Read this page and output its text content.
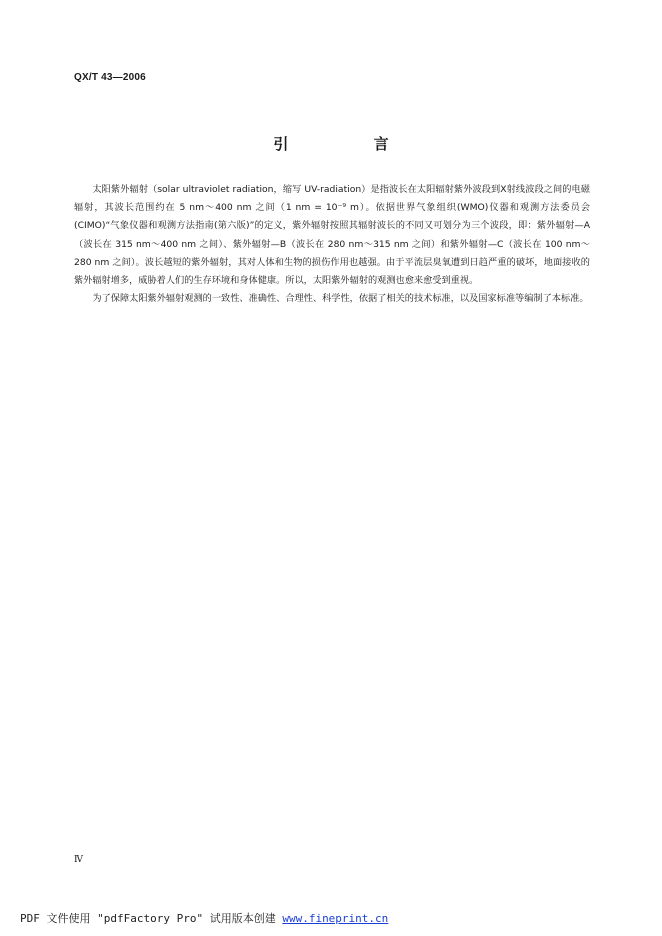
QX/T 43—2006
引 言

太阳紫外辐射（solar ultraviolet radiation，缩写 UV-radiation）是指波长在太阳辐射紫外波段到X射线波段之间的电磁辐射，其波长范围约在 5 nm～400 nm 之间（1 nm = 10⁻⁹ m）。依据世界气象组织(WMO)仪器和观测方法委员会(CIMO)“气象仪器和观测方法指南(第六版)”的定义，紫外辐射按照其辐射波长的不同又可划分为三个波段，即：紫外辐射—A（波长在 315 nm～400 nm 之间）、紫外辐射—B（波长在 280 nm～315 nm 之间）和紫外辐射—C（波长在 100 nm～280 nm 之间）。波长越短的紫外辐射，其对人体和生物的损伤作用也越强。由于平流层臭氧遭到日趋严重的破坏，地面接收的紫外辐射增多，威胁着人们的生存环境和身体健康。所以，太阳紫外辐射的观测也愈来愈受到重视。

为了保障太阳紫外辐射观测的一致性、准确性、合理性、科学性，依据了相关的技术标准，以及国家标准等编制了本标准。

Ⅳ
PDF 文件使用 "pdfFactory Pro" 试用版本创建 www.fineprint.cn
